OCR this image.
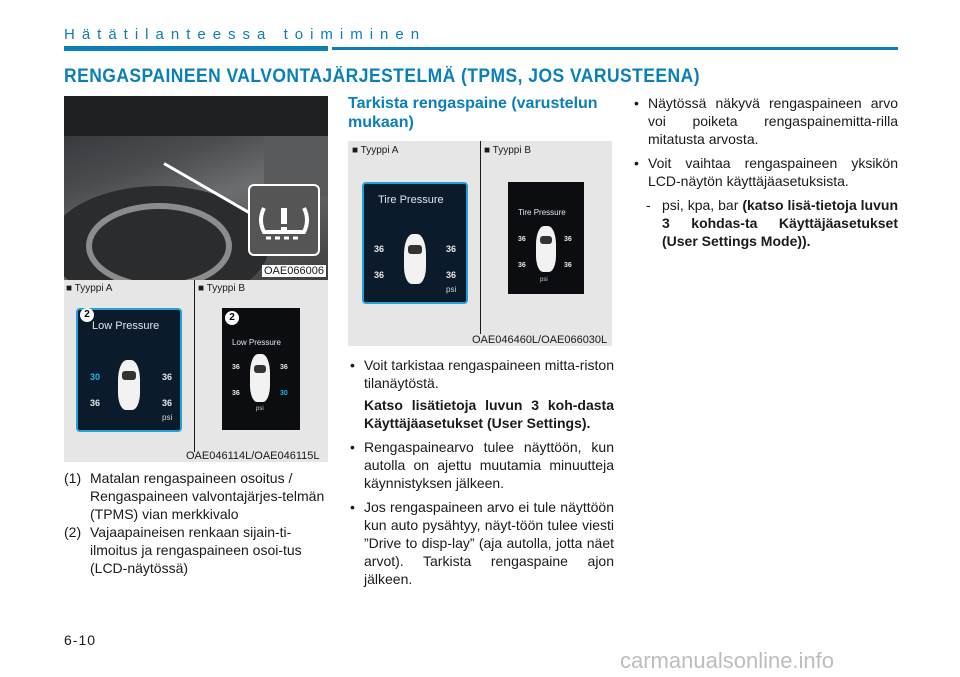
Hätätilanteessa toimiminen
RENGASPAINEEN VALVONTAJÄRJESTELMÄ (TPMS, JOS VARUSTEENA)
OAE066006
■ Tyyppi A	■ Tyyppi B
Low Pressure
30	36
36	36
psi
2
Low Pressure
36	36
36	30
psi
2
OAE046114L/OAE046115L
(1) Matalan rengaspaineen osoitus / Rengaspaineen valvontajärjes-telmän (TPMS) vian merkkivalo
(2) Vajaapaineisen renkaan sijain-ti-ilmoitus ja rengaspaineen osoi-tus (LCD-näytössä)
Tarkista rengaspaine (varustelun mukaan)
■ Tyyppi A	■ Tyyppi B
Tire Pressure
36	36
36	36
psi
Tire Pressure
36	36
36	36
psi
OAE046460L/OAE066030L
• Voit tarkistaa rengaspaineen mitta-riston tilanäytöstä.
Katso lisätietoja luvun 3 koh-dasta Käyttäjäasetukset (User Settings).
• Rengaspainearvo tulee näyttöön, kun autolla on ajettu muutamia minuutteja käynnistyksen jälkeen.
• Jos rengaspaineen arvo ei tule näyttöön kun auto pysähtyy, näyt-töön tulee viesti ”Drive to disp-lay” (aja autolla, jotta näet arvot). Tarkista rengaspaine ajon jälkeen.
• Näytössä näkyvä rengaspaineen arvo voi poiketa rengaspainemitta-rilla mitatusta arvosta.
• Voit vaihtaa rengaspaineen yksikön LCD-näytön käyttäjäasetuksista.
- psi, kpa, bar (katso lisä-tietoja luvun 3 kohdas-ta Käyttäjäasetukset (User Settings Mode)).
6-10
carmanualsonline.info
